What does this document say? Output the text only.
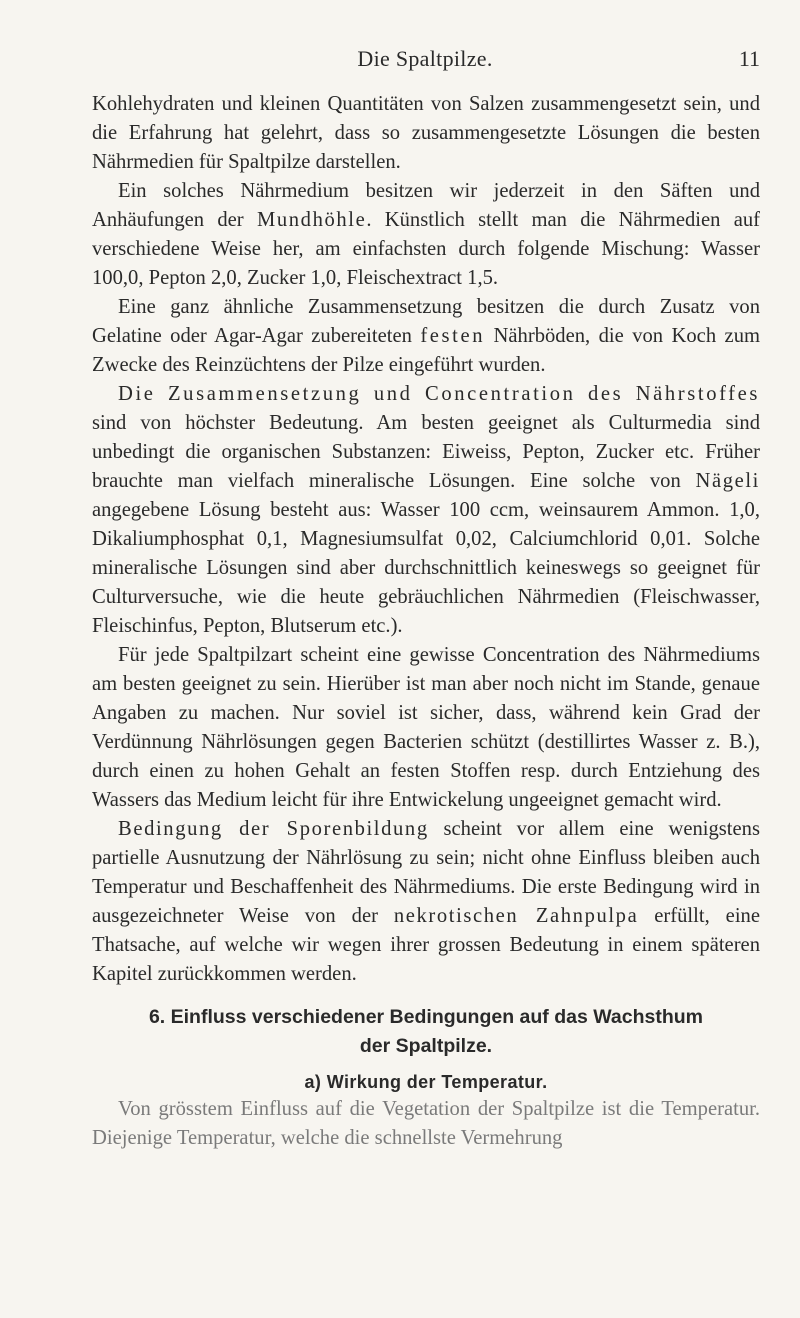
Die Spaltpilze.	11

Kohlehydraten und kleinen Quantitäten von Salzen zusammengesetzt sein, und die Erfahrung hat gelehrt, dass so zusammengesetzte Lösungen die besten Nährmedien für Spaltpilze darstellen.

Ein solches Nährmedium besitzen wir jederzeit in den Säften und Anhäufungen der Mundhöhle. Künstlich stellt man die Nährmedien auf verschiedene Weise her, am einfachsten durch folgende Mischung: Wasser 100,0, Pepton 2,0, Zucker 1,0, Fleischextract 1,5.

Eine ganz ähnliche Zusammensetzung besitzen die durch Zusatz von Gelatine oder Agar-Agar zubereiteten festen Nährböden, die von Koch zum Zwecke des Reinzüchtens der Pilze eingeführt wurden.

Die Zusammensetzung und Concentration des Nährstoffes sind von höchster Bedeutung. Am besten geeignet als Culturmedia sind unbedingt die organischen Substanzen: Eiweiss, Pepton, Zucker etc. Früher brauchte man vielfach mineralische Lösungen. Eine solche von Nägeli angegebene Lösung besteht aus: Wasser 100 ccm, weinsaurem Ammon. 1,0, Dikaliumphosphat 0,1, Magnesiumsulfat 0,02, Calciumchlorid 0,01. Solche mineralische Lösungen sind aber durchschnittlich keineswegs so geeignet für Culturversuche, wie die heute gebräuchlichen Nährmedien (Fleischwasser, Fleischinfus, Pepton, Blutserum etc.).

Für jede Spaltpilzart scheint eine gewisse Concentration des Nährmediums am besten geeignet zu sein. Hierüber ist man aber noch nicht im Stande, genaue Angaben zu machen. Nur soviel ist sicher, dass, während kein Grad der Verdünnung Nährlösungen gegen Bacterien schützt (destillirtes Wasser z. B.), durch einen zu hohen Gehalt an festen Stoffen resp. durch Entziehung des Wassers das Medium leicht für ihre Entwickelung ungeeignet gemacht wird.

Bedingung der Sporenbildung scheint vor allem eine wenigstens partielle Ausnutzung der Nährlösung zu sein; nicht ohne Einfluss bleiben auch Temperatur und Beschaffenheit des Nährmediums. Die erste Bedingung wird in ausgezeichneter Weise von der nekrotischen Zahnpulpa erfüllt, eine Thatsache, auf welche wir wegen ihrer grossen Bedeutung in einem späteren Kapitel zurückkommen werden.

6. Einfluss verschiedener Bedingungen auf das Wachsthum
der Spaltpilze.
a) Wirkung der Temperatur.

Von grösstem Einfluss auf die Vegetation der Spaltpilze ist die Temperatur. Diejenige Temperatur, welche die schnellste Vermehrung
